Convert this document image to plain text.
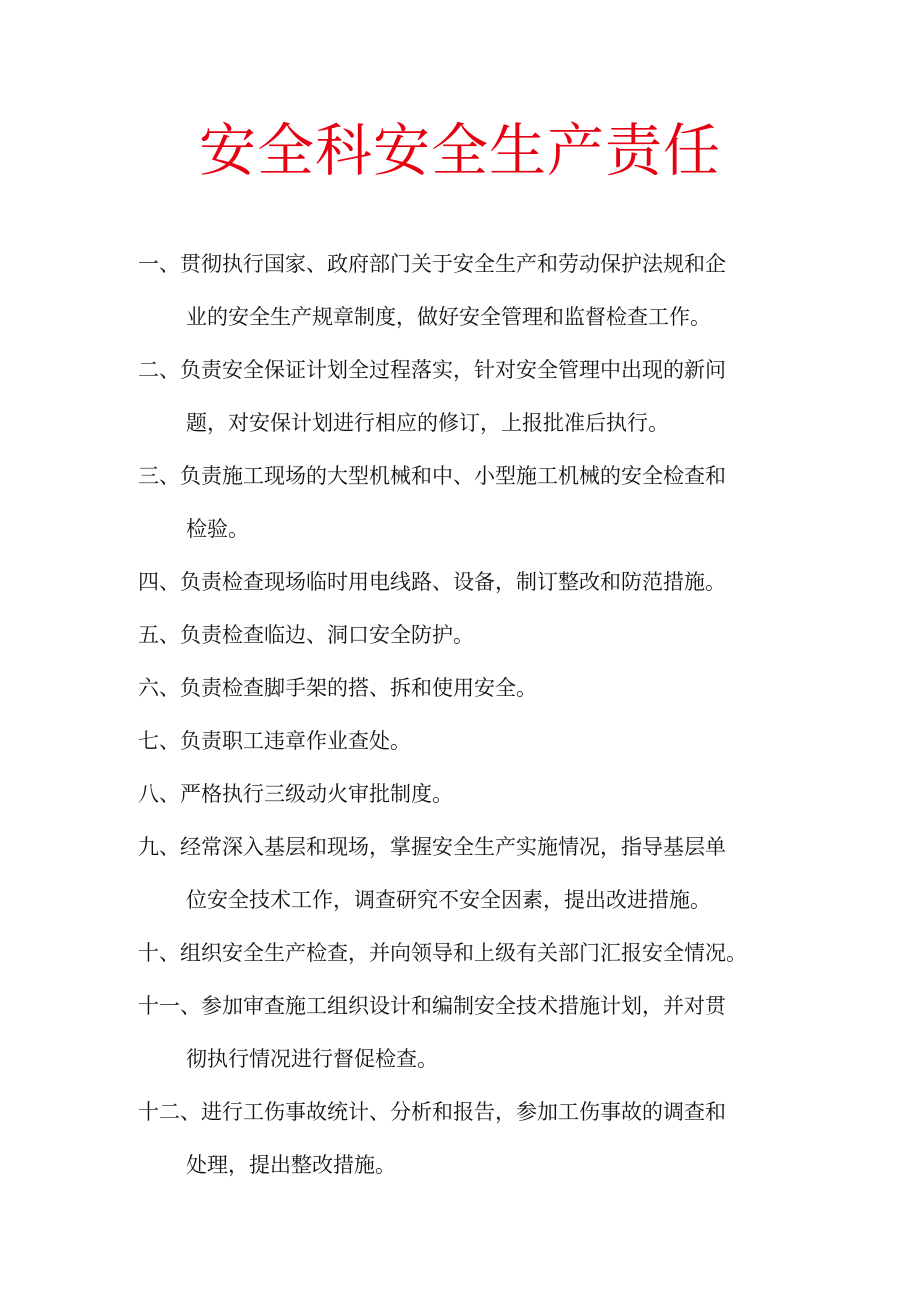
安全科安全生产责任

一、贯彻执行国家、政府部门关于安全生产和劳动保护法规和企

业的安全生产规章制度，做好安全管理和监督检查工作。

二、负责安全保证计划全过程落实，针对安全管理中出现的新问

题，对安保计划进行相应的修订，上报批准后执行。

三、负责施工现场的大型机械和中、小型施工机械的安全检查和

检验。

四、负责检查现场临时用电线路、设备，制订整改和防范措施。

五、负责检查临边、洞口安全防护。

六、负责检查脚手架的搭、拆和使用安全。

七、负责职工违章作业查处。

八、严格执行三级动火审批制度。

九、经常深入基层和现场，掌握安全生产实施情况，指导基层单

位安全技术工作，调查研究不安全因素，提出改进措施。

十、组织安全生产检查，并向领导和上级有关部门汇报安全情况。

十一、参加审查施工组织设计和编制安全技术措施计划，并对贯

彻执行情况进行督促检查。

十二、进行工伤事故统计、分析和报告，参加工伤事故的调查和

处理，提出整改措施。
